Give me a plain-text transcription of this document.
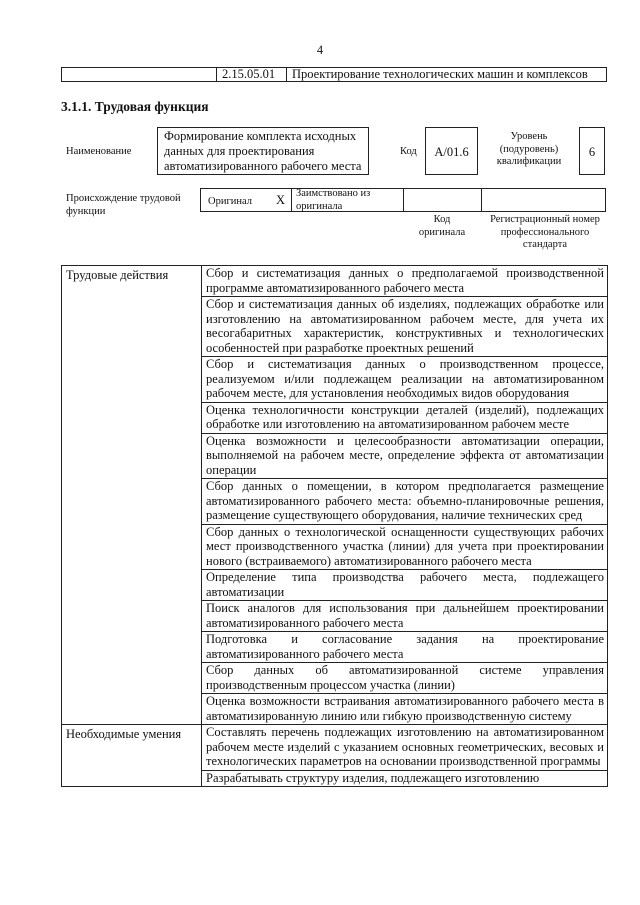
4
2.15.05.01 Проектирование технологических машин и комплексов
3.1.1. Трудовая функция
Наименование
Формирование комплекта исходных данных для проектирования автоматизированного рабочего места
Код	A/01.6
Уровень (подуровень) квалификации
6
Происхождение трудовой функции
Оригинал X Заимствовано из оригинала
Код оригинала
Регистрационный номер профессионального стандарта
Трудовые действия	Сбор и систематизация данных о предполагаемой производственной программе автоматизированного рабочего места
	Сбор и систематизация данных об изделиях, подлежащих обработке или изготовлению на автоматизированном рабочем месте, для учета их весогабаритных характеристик, конструктивных и технологических особенностей при разработке проектных решений
	Сбор и систематизация данных о производственном процессе, реализуемом и/или подлежащем реализации на автоматизированном рабочем месте, для установления необходимых видов оборудования
	Оценка технологичности конструкции деталей (изделий), подлежащих обработке или изготовлению на автоматизированном рабочем месте
	Оценка возможности и целесообразности автоматизации операции, выполняемой на рабочем месте, определение эффекта от автоматизации операции
	Сбор данных о помещении, в котором предполагается размещение автоматизированного рабочего места: объемно-планировочные решения, размещение существующего оборудования, наличие технических сред
	Сбор данных о технологической оснащенности существующих рабочих мест производственного участка (линии) для учета при проектировании нового (встраиваемого) автоматизированного рабочего места
	Определение типа производства рабочего места, подлежащего автоматизации
	Поиск аналогов для использования при дальнейшем проектировании автоматизированного рабочего места
	Подготовка и согласование задания на проектирование автоматизированного рабочего места
	Сбор данных об автоматизированной системе управления производственным процессом участка (линии)
	Оценка возможности встраивания автоматизированного рабочего места в автоматизированную линию или гибкую производственную систему
Необходимые умения	Составлять перечень подлежащих изготовлению на автоматизированном рабочем месте изделий с указанием основных геометрических, весовых и технологических параметров на основании производственной программы
	Разрабатывать структуру изделия, подлежащего изготовлению
